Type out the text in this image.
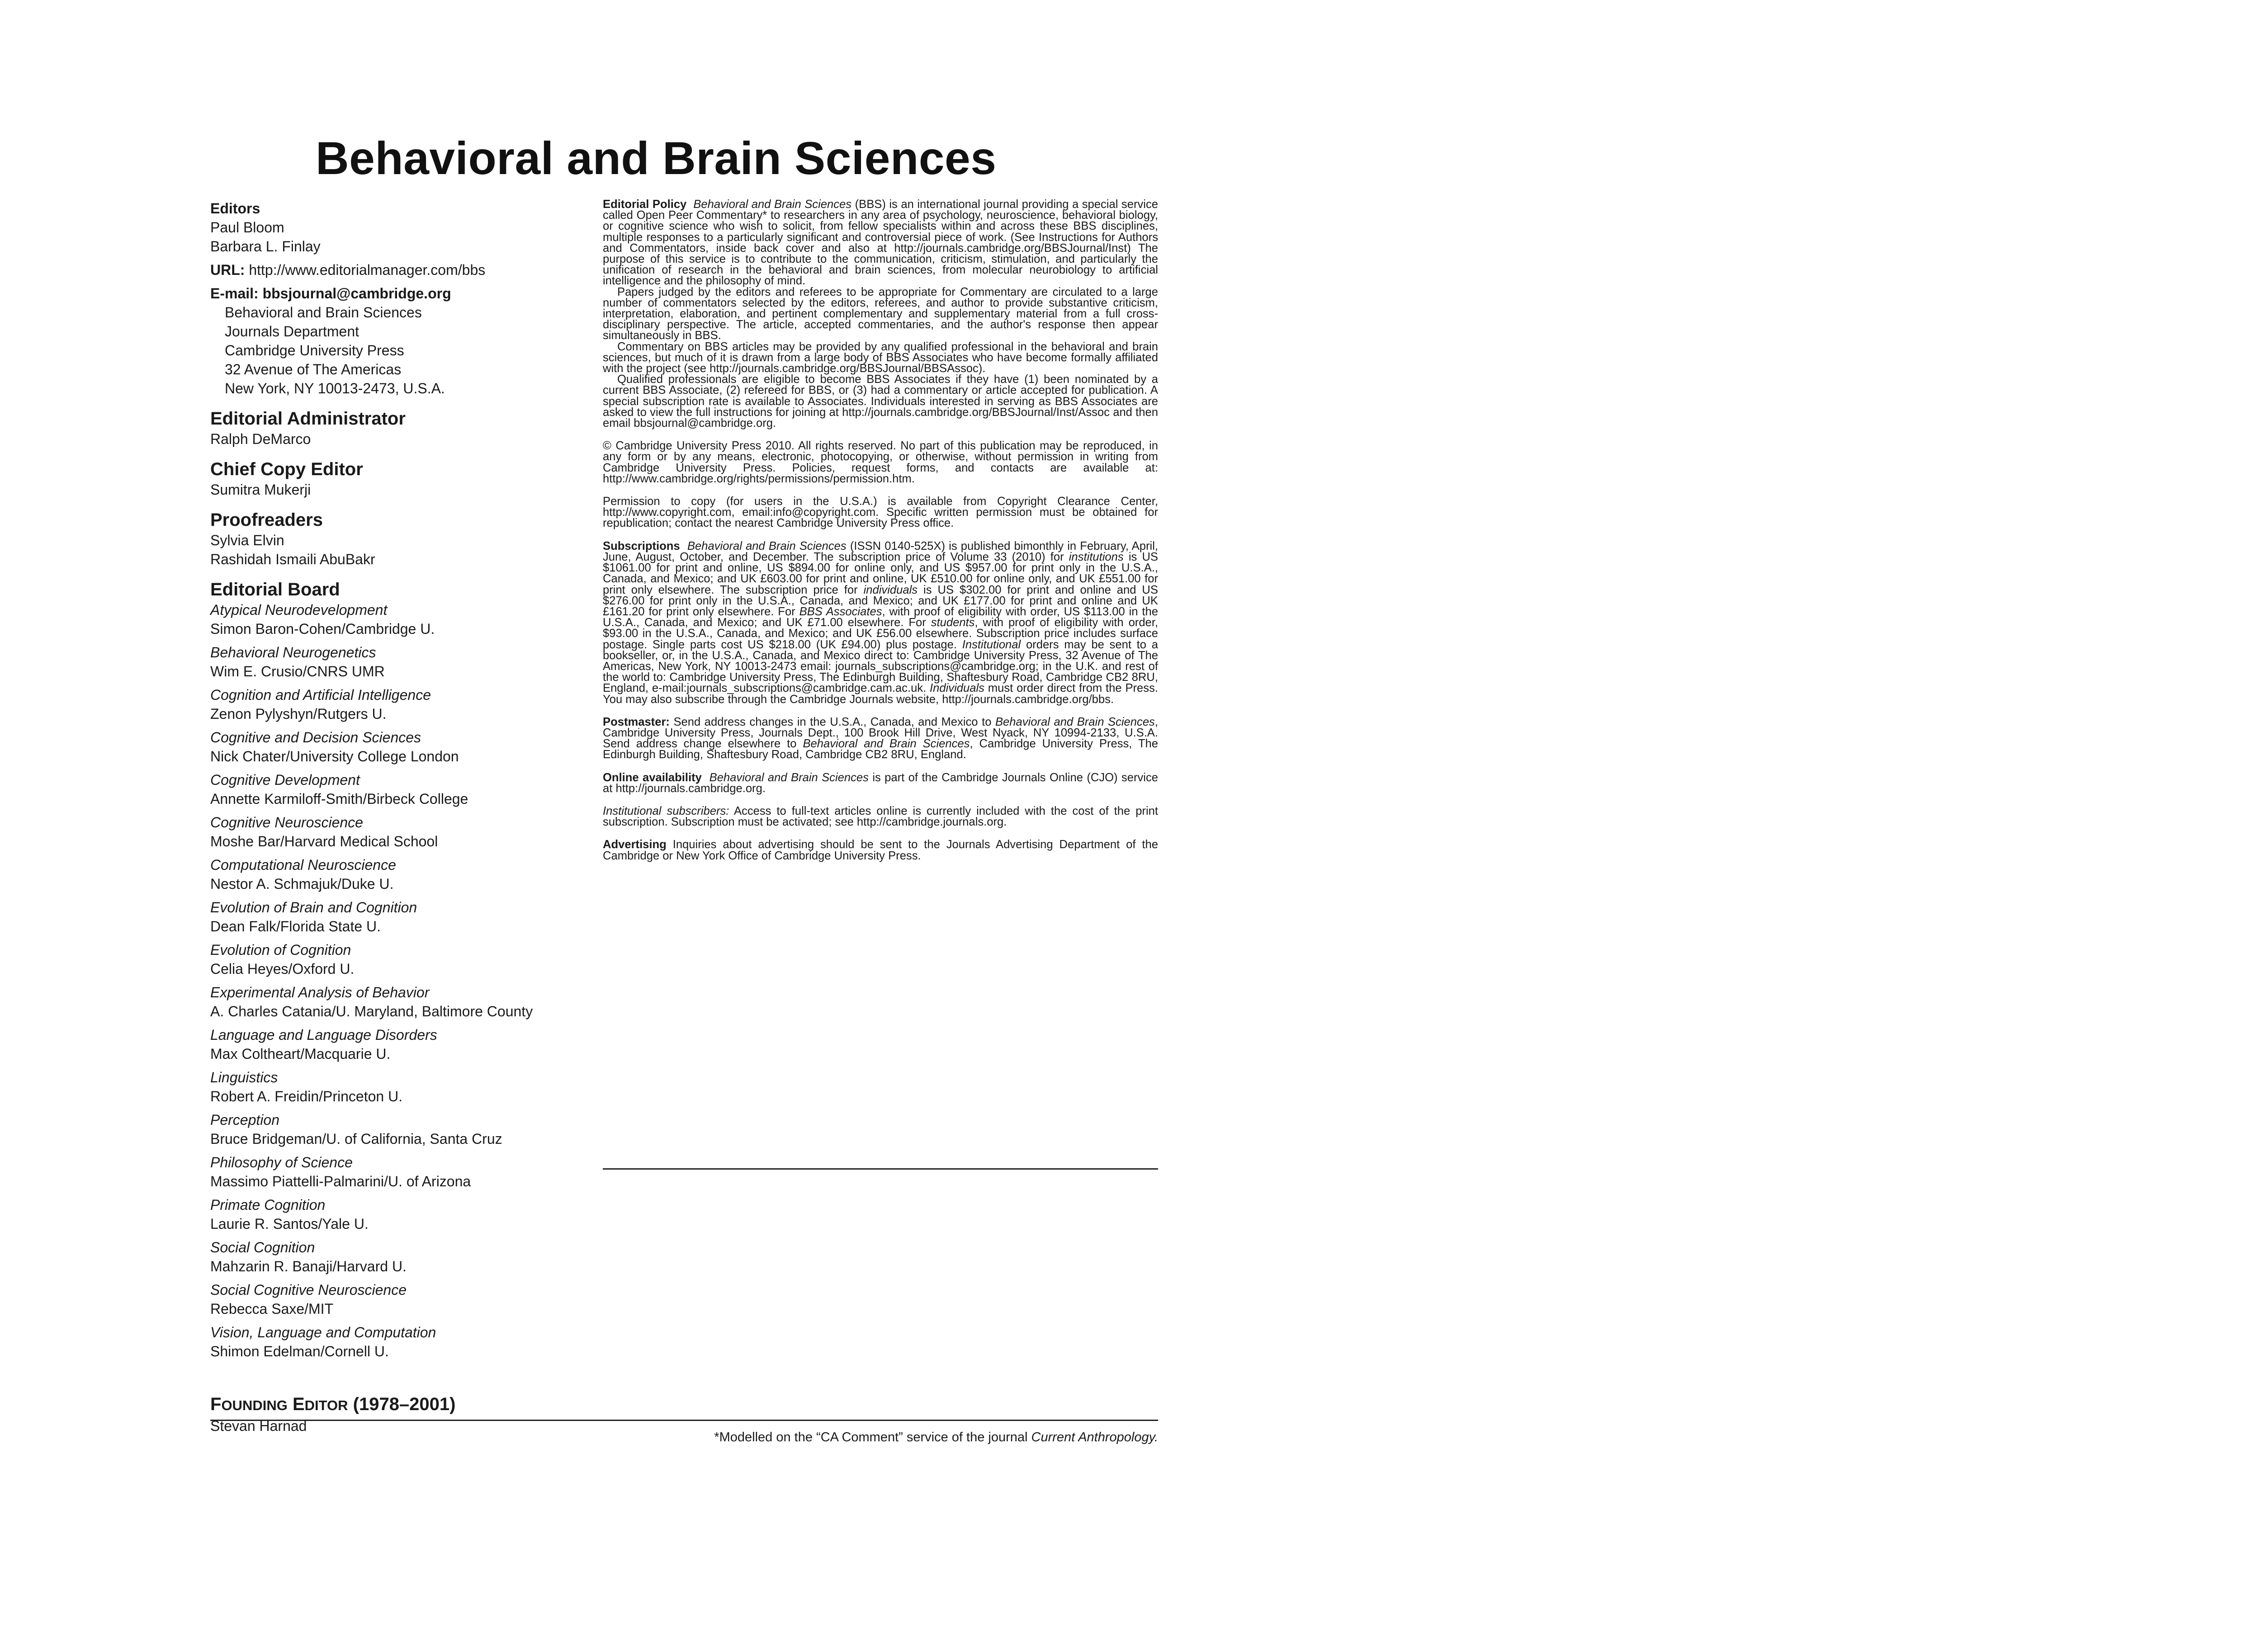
Behavioral and Brain Sciences
Editors
Paul Bloom
Barbara L. Finlay
URL: http://www.editorialmanager.com/bbs
E-mail: bbsjournal@cambridge.org
Behavioral and Brain Sciences
Journals Department
Cambridge University Press
32 Avenue of The Americas
New York, NY 10013-2473, U.S.A.
Editorial Administrator
Ralph DeMarco
Chief Copy Editor
Sumitra Mukerji
Proofreaders
Sylvia Elvin
Rashidah Ismaili AbuBakr
Editorial Board
Atypical Neurodevelopment
Simon Baron-Cohen/Cambridge U.
Behavioral Neurogenetics
Wim E. Crusio/CNRS UMR
Cognition and Artificial Intelligence
Zenon Pylyshyn/Rutgers U.
Cognitive and Decision Sciences
Nick Chater/University College London
Cognitive Development
Annette Karmiloff-Smith/Birbeck College
Cognitive Neuroscience
Moshe Bar/Harvard Medical School
Computational Neuroscience
Nestor A. Schmajuk/Duke U.
Evolution of Brain and Cognition
Dean Falk/Florida State U.
Evolution of Cognition
Celia Heyes/Oxford U.
Experimental Analysis of Behavior
A. Charles Catania/U. Maryland, Baltimore County
Language and Language Disorders
Max Coltheart/Macquarie U.
Linguistics
Robert A. Freidin/Princeton U.
Perception
Bruce Bridgeman/U. of California, Santa Cruz
Philosophy of Science
Massimo Piattelli-Palmarini/U. of Arizona
Primate Cognition
Laurie R. Santos/Yale U.
Social Cognition
Mahzarin R. Banaji/Harvard U.
Social Cognitive Neuroscience
Rebecca Saxe/MIT
Vision, Language and Computation
Shimon Edelman/Cornell U.
FOUNDING EDITOR (1978–2001)
Stevan Harnad

Editorial Policy Behavioral and Brain Sciences (BBS) is an international journal providing a special service called Open Peer Commentary* to researchers in any area of psychology, neuroscience, behavioral biology, or cognitive science who wish to solicit, from fellow specialists within and across these BBS disciplines, multiple responses to a particularly significant and controversial piece of work. (See Instructions for Authors and Commentators, inside back cover and also at http://journals.cambridge.org/BBSJournal/Inst) The purpose of this service is to contribute to the communication, criticism, stimulation, and particularly the unification of research in the behavioral and brain sciences, from molecular neurobiology to artificial intelligence and the philosophy of mind.

Papers judged by the editors and referees to be appropriate for Commentary are circulated to a large number of commentators selected by the editors, referees, and author to provide substantive criticism, interpretation, elaboration, and pertinent complementary and supplementary material from a full cross-disciplinary perspective. The article, accepted commentaries, and the author's response then appear simultaneously in BBS.

Commentary on BBS articles may be provided by any qualified professional in the behavioral and brain sciences, but much of it is drawn from a large body of BBS Associates who have become formally affiliated with the project (see http://journals.cambridge.org/BBSJournal/BBSAssoc).

Qualified professionals are eligible to become BBS Associates if they have (1) been nominated by a current BBS Associate, (2) refereed for BBS, or (3) had a commentary or article accepted for publication. A special subscription rate is available to Associates. Individuals interested in serving as BBS Associates are asked to view the full instructions for joining at http://journals.cambridge.org/BBSJournal/Inst/Assoc and then email bbsjournal@cambridge.org.

© Cambridge University Press 2010. All rights reserved. No part of this publication may be reproduced, in any form or by any means, electronic, photocopying, or otherwise, without permission in writing from Cambridge University Press. Policies, request forms, and contacts are available at: http://www.cambridge.org/rights/permissions/permission.htm.

Permission to copy (for users in the U.S.A.) is available from Copyright Clearance Center, http://www.copyright.com, email:info@copyright.com. Specific written permission must be obtained for republication; contact the nearest Cambridge University Press office.

Subscriptions Behavioral and Brain Sciences (ISSN 0140-525X) is published bimonthly in February, April, June, August, October, and December. The subscription price of Volume 33 (2010) for institutions is US $1061.00 for print and online, US $894.00 for online only, and US $957.00 for print only in the U.S.A., Canada, and Mexico; and UK £603.00 for print and online, UK £510.00 for online only, and UK £551.00 for print only elsewhere. The subscription price for individuals is US $302.00 for print and online and US $276.00 for print only in the U.S.A., Canada, and Mexico; and UK £177.00 for print and online and UK £161.20 for print only elsewhere. For BBS Associates, with proof of eligibility with order, US $113.00 in the U.S.A., Canada, and Mexico; and UK £71.00 elsewhere. For students, with proof of eligibility with order, $93.00 in the U.S.A., Canada, and Mexico; and UK £56.00 elsewhere. Subscription price includes surface postage. Single parts cost US $218.00 (UK £94.00) plus postage. Institutional orders may be sent to a bookseller, or, in the U.S.A., Canada, and Mexico direct to: Cambridge University Press, 32 Avenue of The Americas, New York, NY 10013-2473 email: journals_subscriptions@cambridge.org; in the U.K. and rest of the world to: Cambridge University Press, The Edinburgh Building, Shaftesbury Road, Cambridge CB2 8RU, England, e-mail:journals_subscriptions@cambridge.cam.ac.uk. Individuals must order direct from the Press. You may also subscribe through the Cambridge Journals website, http://journals.cambridge.org/bbs.

Postmaster: Send address changes in the U.S.A., Canada, and Mexico to Behavioral and Brain Sciences, Cambridge University Press, Journals Dept., 100 Brook Hill Drive, West Nyack, NY 10994-2133, U.S.A. Send address change elsewhere to Behavioral and Brain Sciences, Cambridge University Press, The Edinburgh Building, Shaftesbury Road, Cambridge CB2 8RU, England.

Online availability Behavioral and Brain Sciences is part of the Cambridge Journals Online (CJO) service at http://journals.cambridge.org.

Institutional subscribers: Access to full-text articles online is currently included with the cost of the print subscription. Subscription must be activated; see http://cambridge.journals.org.

Advertising Inquiries about advertising should be sent to the Journals Advertising Department of the Cambridge or New York Office of Cambridge University Press.

*Modelled on the “CA Comment” service of the journal Current Anthropology.
